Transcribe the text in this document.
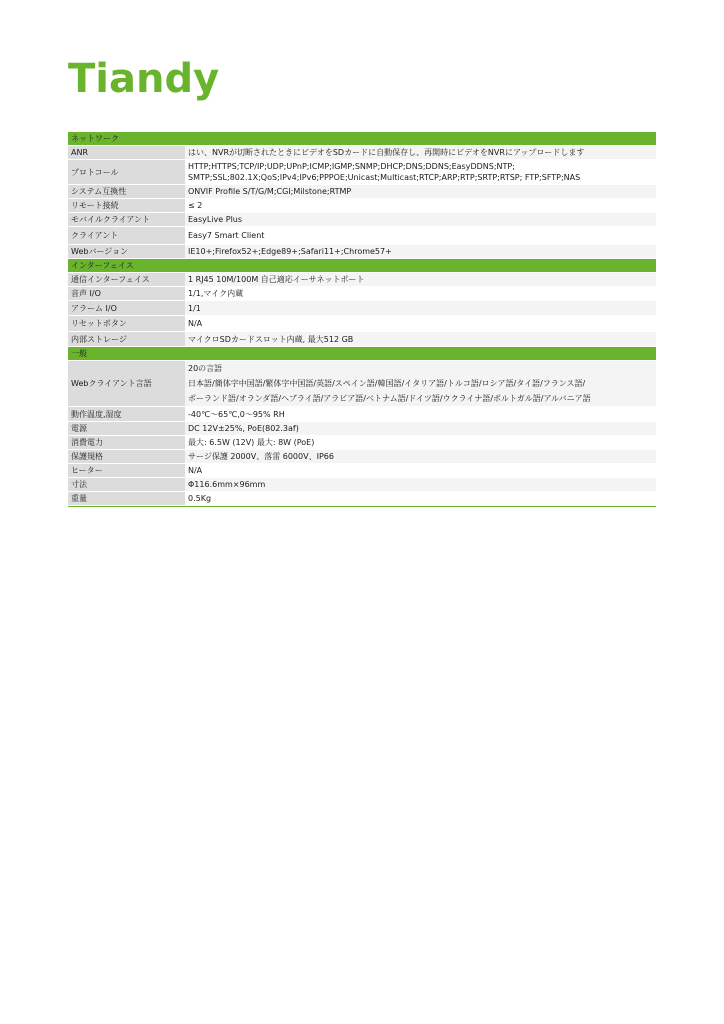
Tiandy
ネットワーク	
ANR	はい、NVRが切断されたときにビデオをSDカードに自動保存し、再開時にビデオをNVRにアップロードします
プロトコール	HTTP;HTTPS;TCP/IP;UDP;UPnP;ICMP;IGMP;SNMP;DHCP;DNS;DDNS;EasyDDNS;NTP;
SMTP;SSL;802.1X;QoS;IPv4;IPv6;PPPOE;Unicast;Multicast;RTCP;ARP;RTP;SRTP;RTSP; FTP;SFTP;NAS

システム互換性	ONVIF Profile S/T/G/M;CGI;Milstone;RTMP
リモート接続	≤ 2
モバイルクライアント	EasyLive Plus
クライアント	Easy7 Smart Client
Webバージョン	IE10+;Firefox52+;Edge89+;Safari11+;Chrome57+
インターフェイス	
通信インターフェイス	1 RJ45 10M/100M 自己適応イーサネットポート
音声 I/O	1/1,マイク内蔵
アラーム I/O	1/1
リセットボタン	N/A
内部ストレージ	マイクロSDカードスロット内蔵, 最大512 GB
一般	
Webクライアント言語	20の言語
日本語/簡体字中国語/繁体字中国語/英語/スペイン語/韓国語/イタリア語/トルコ語/ロシア語/タイ語/フランス語/
ポーランド語/オランダ語/ヘブライ語/アラビア語/ベトナム語/ドイツ語/ウクライナ語/ポルトガル語/アルバニア語

動作温度,湿度	-40℃～65℃,0～95% RH
電源	DC 12V±25%, PoE(802.3af)
消費電力	最大: 6.5W (12V) 最大: 8W (PoE)
保護規格	サージ保護 2000V、落雷 6000V、IP66
ヒーター	N/A
寸法	Φ116.6mm×96mm
重量	0.5Kg
